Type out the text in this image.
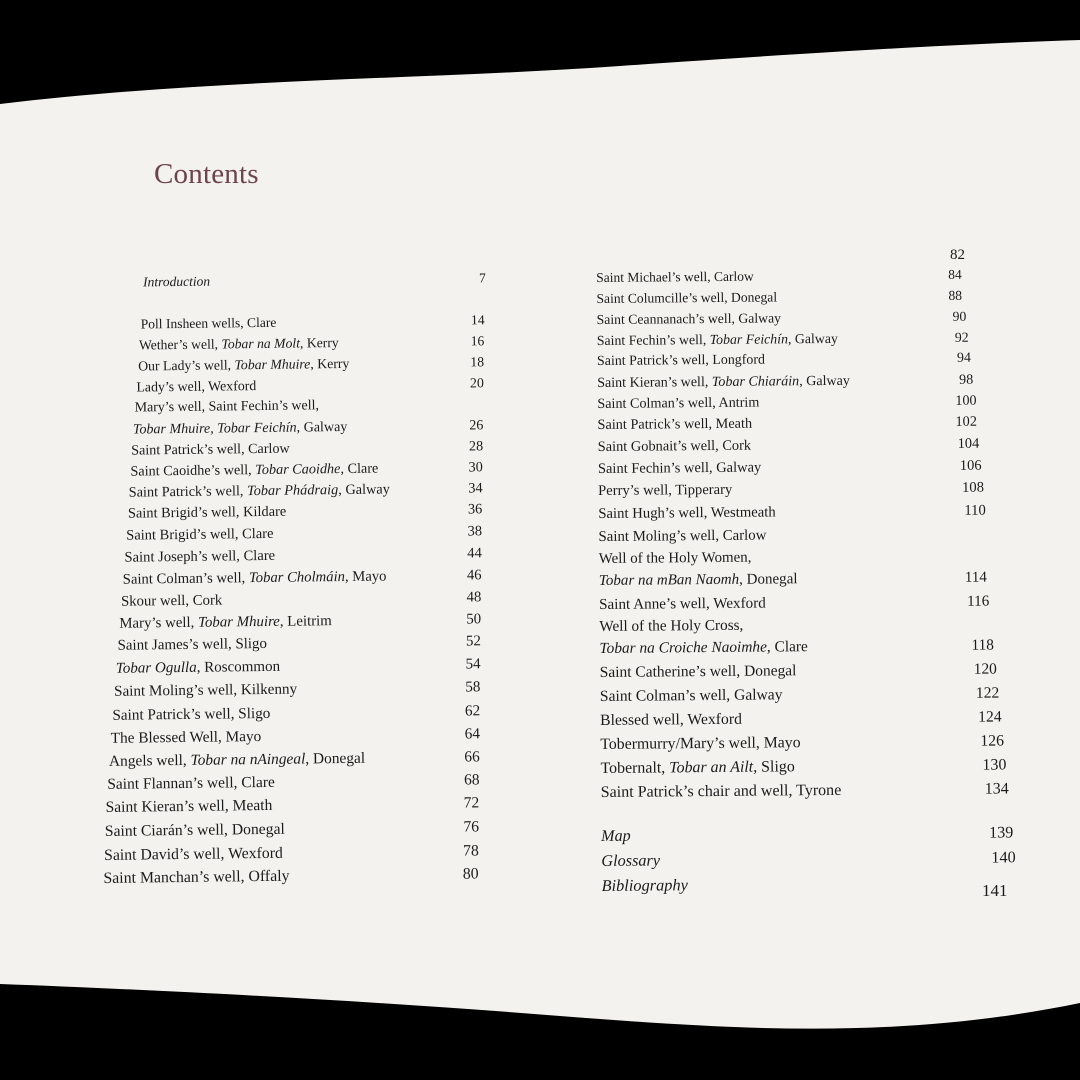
Contents
Introduction	7
Poll Insheen wells, Clare	14
Wether’s well, Tobar na Molt, Kerry	16
Our Lady’s well, Tobar Mhuire, Kerry	18
Lady’s well, Wexford	20
Mary’s well, Saint Fechin’s well,
Tobar Mhuire, Tobar Feichín, Galway	26
Saint Patrick’s well, Carlow	28
Saint Caoidhe’s well, Tobar Caoidhe, Clare	30
Saint Patrick’s well, Tobar Phádraig, Galway	34
Saint Brigid’s well, Kildare	36
Saint Brigid’s well, Clare	38
Saint Joseph’s well, Clare	44
Saint Colman’s well, Tobar Cholmáin, Mayo	46
Skour well, Cork	48
Mary’s well, Tobar Mhuire, Leitrim	50
Saint James’s well, Sligo	52
Tobar Ogulla, Roscommon	54
Saint Moling’s well, Kilkenny	58
Saint Patrick’s well, Sligo	62
The Blessed Well, Mayo	64
Angels well, Tobar na nAingeal, Donegal	66
Saint Flannan’s well, Clare	68
Saint Kieran’s well, Meath	72
Saint Ciarán’s well, Donegal	76
Saint David’s well, Wexford	78
Saint Manchan’s well, Offaly	80
82
Saint Michael’s well, Carlow	84
Saint Columcille’s well, Donegal	88
Saint Ceannanach’s well, Galway	90
Saint Fechin’s well, Tobar Feichín, Galway	92
Saint Patrick’s well, Longford	94
Saint Kieran’s well, Tobar Chiaráin, Galway	98
Saint Colman’s well, Antrim	100
Saint Patrick’s well, Meath	102
Saint Gobnait’s well, Cork	104
Saint Fechin’s well, Galway	106
Perry’s well, Tipperary	108
Saint Hugh’s well, Westmeath	110
Saint Moling’s well, Carlow
Well of the Holy Women,
Tobar na mBan Naomh, Donegal	114
Saint Anne’s well, Wexford	116
Well of the Holy Cross,
Tobar na Croiche Naoimhe, Clare	118
Saint Catherine’s well, Donegal	120
Saint Colman’s well, Galway	122
Blessed well, Wexford	124
Tobermurry/Mary’s well, Mayo	126
Tobernalt, Tobar an Ailt, Sligo	130
Saint Patrick’s chair and well, Tyrone	134
Map	139
Glossary	140
Bibliography	141
